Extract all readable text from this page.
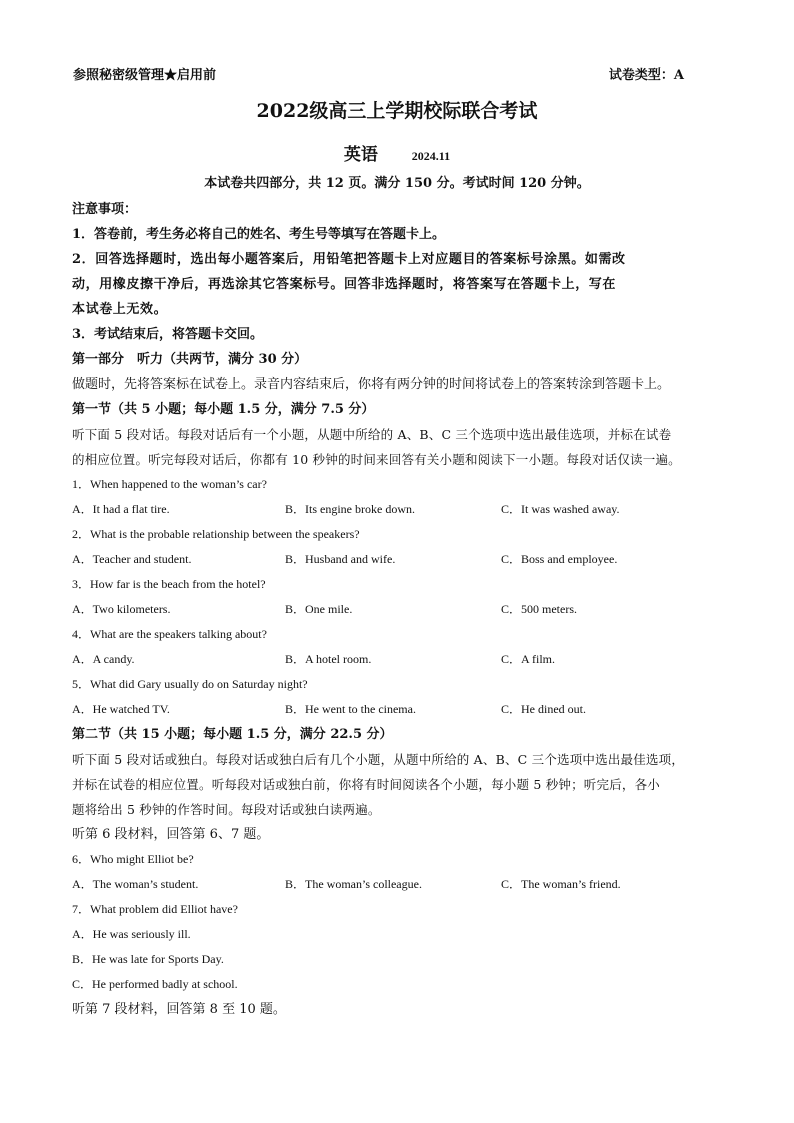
参照秘密级管理★启用前	试卷类型：A
2022级高三上学期校际联合考试
英语	2024.11
本试卷共四部分，共 12 页。满分 150 分。考试时间 120 分钟。
注意事项：
1．答卷前，考生务必将自己的姓名、考生号等填写在答题卡上。
2．回答选择题时，选出每小题答案后，用铅笔把答题卡上对应题目的答案标号涂黑。如需改
动，用橡皮擦干净后，再选涂其它答案标号。回答非选择题时，将答案写在答题卡上，写在
本试卷上无效。
3．考试结束后，将答题卡交回。
第一部分　听力（共两节，满分 30 分）
做题时，先将答案标在试卷上。录音内容结束后，你将有两分钟的时间将试卷上的答案转涂到答题卡上。
第一节（共 5 小题；每小题 1.5 分，满分 7.5 分）
听下面 5 段对话。每段对话后有一个小题，从题中所给的 A、B、C 三个选项中选出最佳选项，并标在试卷
的相应位置。听完每段对话后，你都有 10 秒钟的时间来回答有关小题和阅读下一小题。每段对话仅读一遍。
1．When happened to the woman’s car?
A．It had a flat tire.	B．Its engine broke down.	C．It was washed away.
2．What is the probable relationship between the speakers?
A．Teacher and student.	B．Husband and wife.	C．Boss and employee.
3．How far is the beach from the hotel?
A．Two kilometers.	B．One mile.	C．500 meters.
4．What are the speakers talking about?
A．A candy.	B．A hotel room.	C．A film.
5．What did Gary usually do on Saturday night?
A．He watched TV.	B．He went to the cinema.	C．He dined out.
第二节（共 15 小题；每小题 1.5 分，满分 22.5 分）
听下面 5 段对话或独白。每段对话或独白后有几个小题，从题中所给的 A、B、C 三个选项中选出最佳选项，
并标在试卷的相应位置。听每段对话或独白前，你将有时间阅读各个小题，每小题 5 秒钟；听完后，各小
题将给出 5 秒钟的作答时间。每段对话或独白读两遍。
听第 6 段材料，回答第 6、7 题。
6．Who might Elliot be?
A．The woman’s student.	B．The woman’s colleague.	C．The woman’s friend.
7．What problem did Elliot have?
A．He was seriously ill.
B．He was late for Sports Day.
C．He performed badly at school.
听第 7 段材料，回答第 8 至 10 题。
